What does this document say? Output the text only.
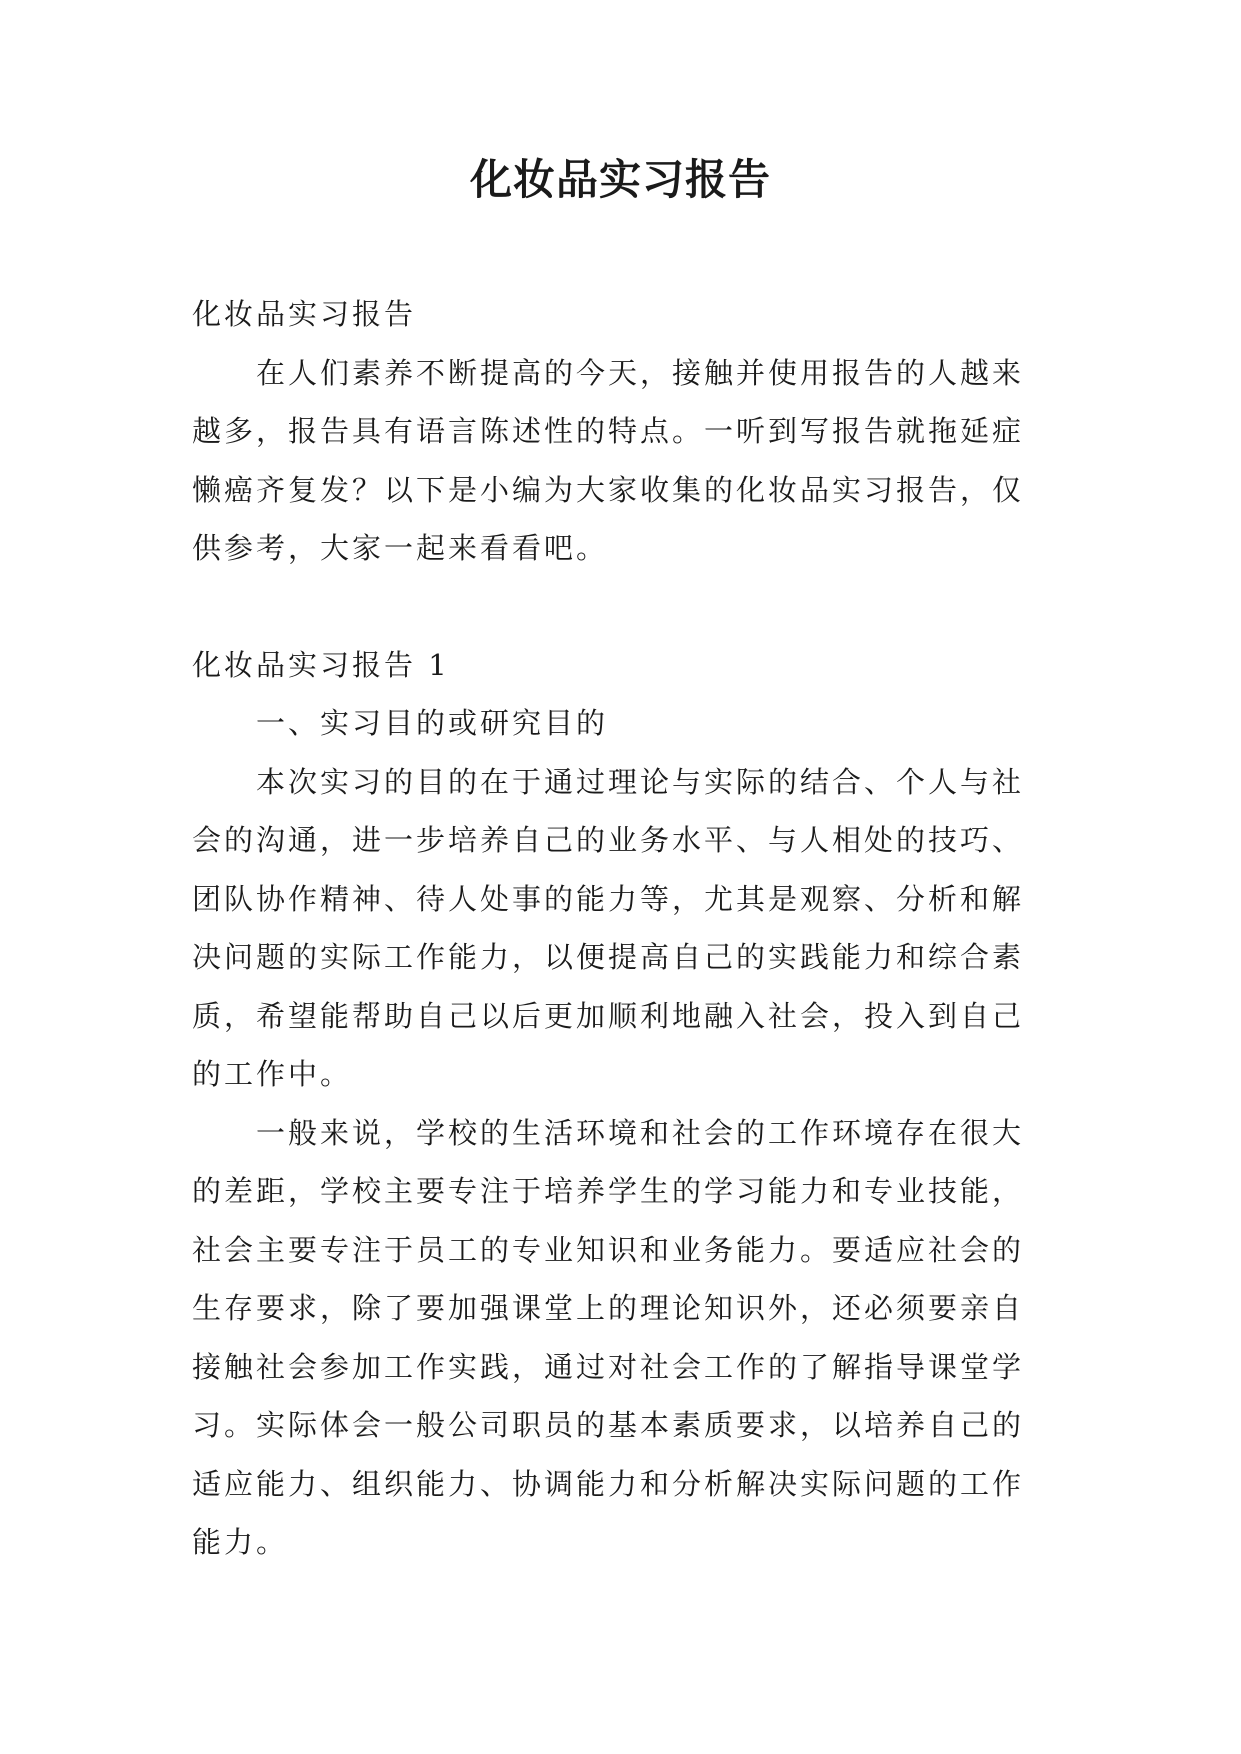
化妆品实习报告

化妆品实习报告

在人们素养不断提高的今天，接触并使用报告的人越来
越多，报告具有语言陈述性的特点。一听到写报告就拖延症
懒癌齐复发？以下是小编为大家收集的化妆品实习报告，仅
供参考，大家一起来看看吧。

化妆品实习报告 1

一、实习目的或研究目的

本次实习的目的在于通过理论与实际的结合、个人与社
会的沟通，进一步培养自己的业务水平、与人相处的技巧、
团队协作精神、待人处事的能力等，尤其是观察、分析和解
决问题的实际工作能力，以便提高自己的实践能力和综合素
质，希望能帮助自己以后更加顺利地融入社会，投入到自己
的工作中。

一般来说，学校的生活环境和社会的工作环境存在很大
的差距，学校主要专注于培养学生的学习能力和专业技能，
社会主要专注于员工的专业知识和业务能力。要适应社会的
生存要求，除了要加强课堂上的理论知识外，还必须要亲自
接触社会参加工作实践，通过对社会工作的了解指导课堂学
习。实际体会一般公司职员的基本素质要求，以培养自己的
适应能力、组织能力、协调能力和分析解决实际问题的工作
能力。
